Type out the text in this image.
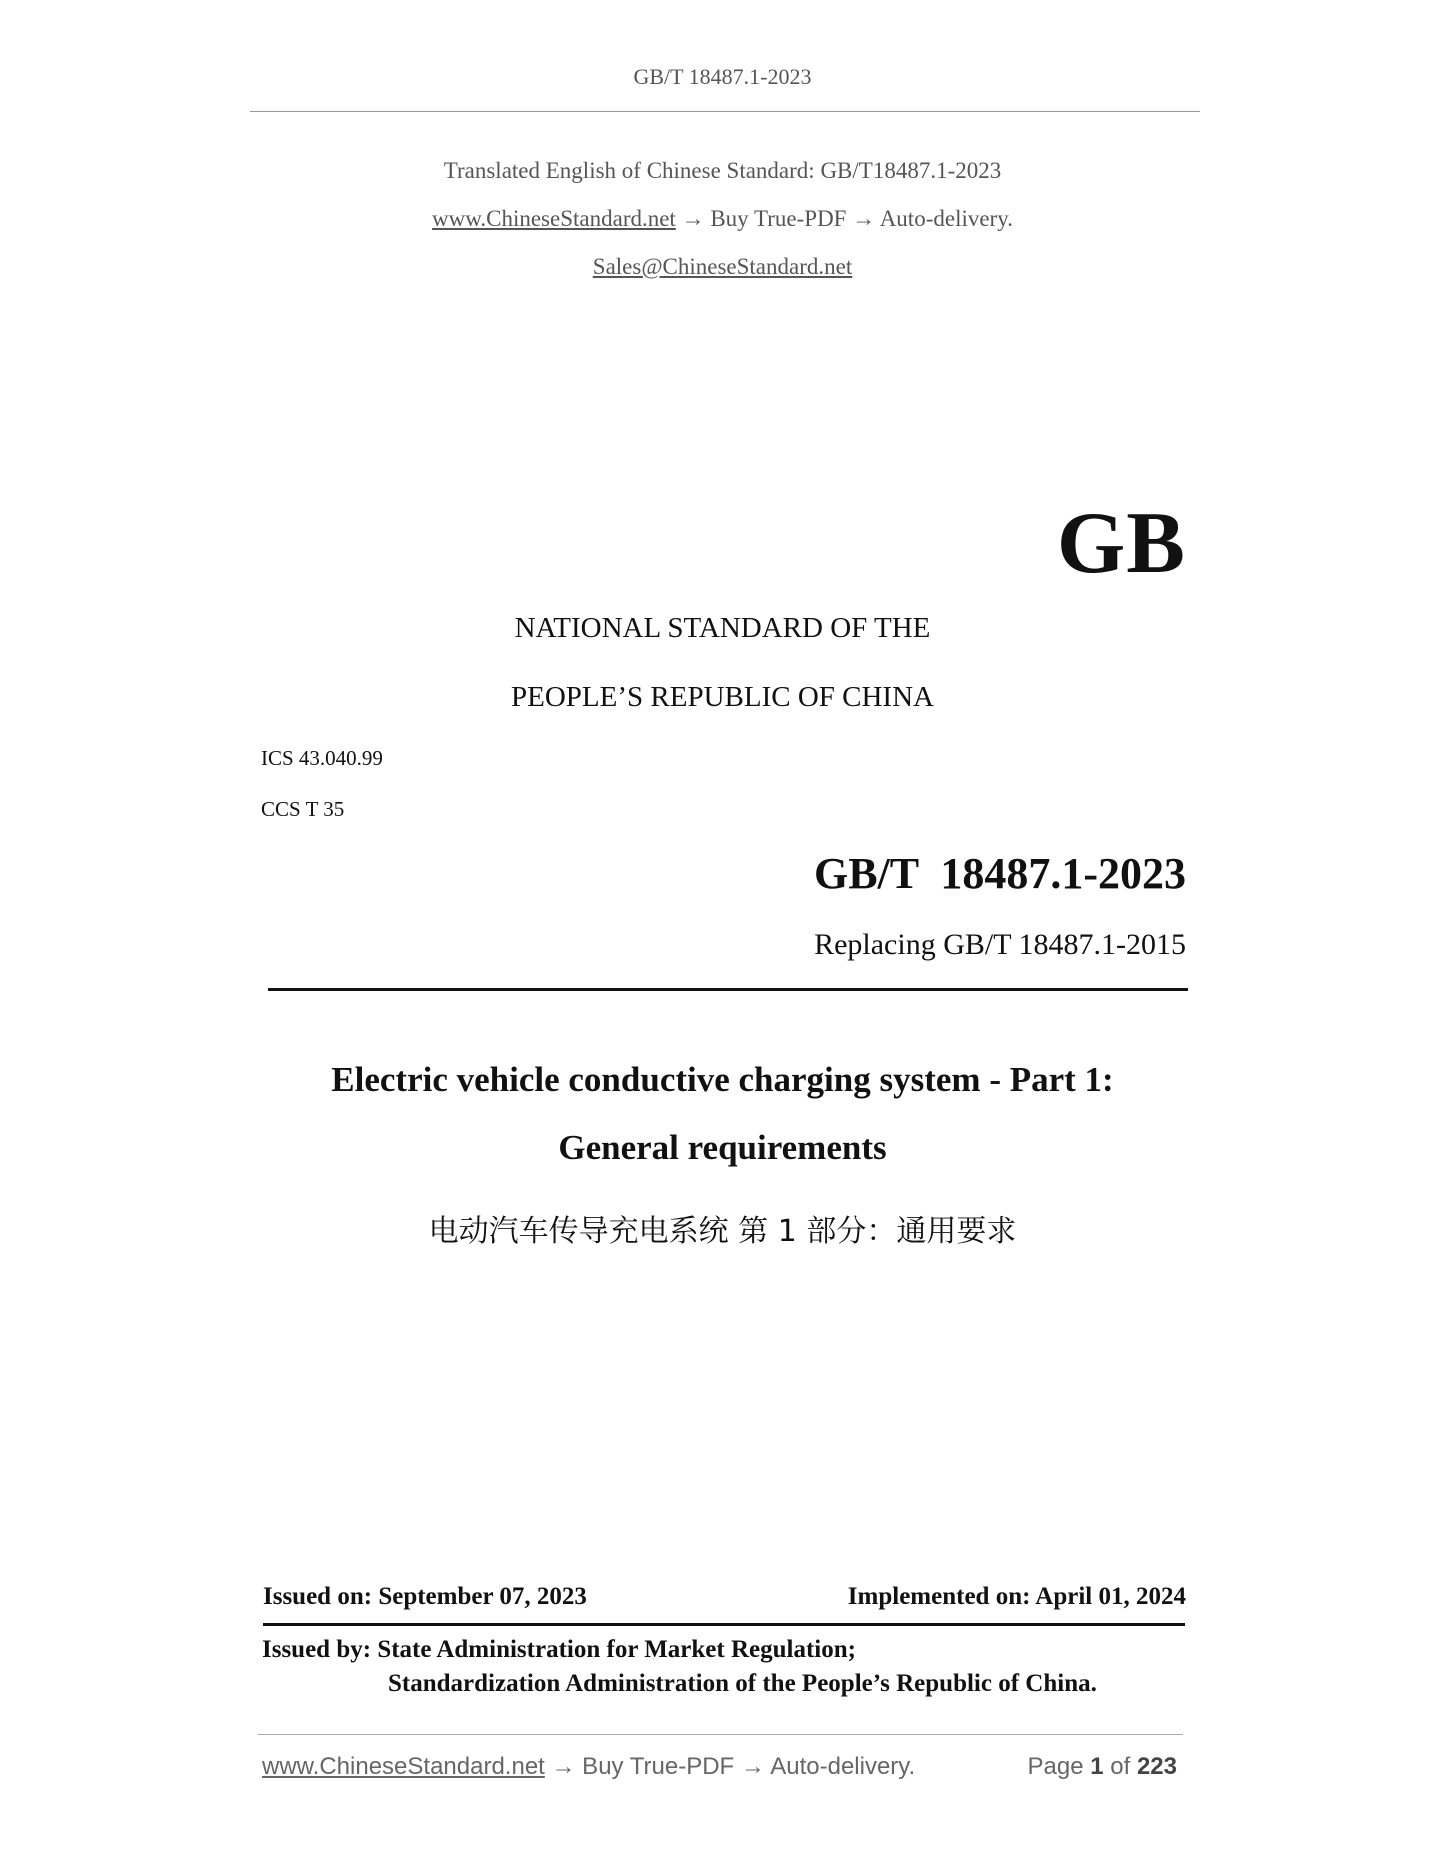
GB/T 18487.1-2023
Translated English of Chinese Standard: GB/T18487.1-2023
www.ChineseStandard.net → Buy True-PDF → Auto-delivery.
Sales@ChineseStandard.net
GB
NATIONAL STANDARD OF THE
PEOPLE’S REPUBLIC OF CHINA
ICS 43.040.99
CCS T 35
GB/T  18487.1-2023
Replacing GB/T 18487.1-2015
Electric vehicle conductive charging system - Part 1:
General requirements
电动汽车传导充电系统 第 1 部分：通用要求
Issued on: September 07, 2023	Implemented on: April 01, 2024
Issued by: State Administration for Market Regulation;
Standardization Administration of the People’s Republic of China.
www.ChineseStandard.net → Buy True-PDF → Auto-delivery.	Page 1 of 223
